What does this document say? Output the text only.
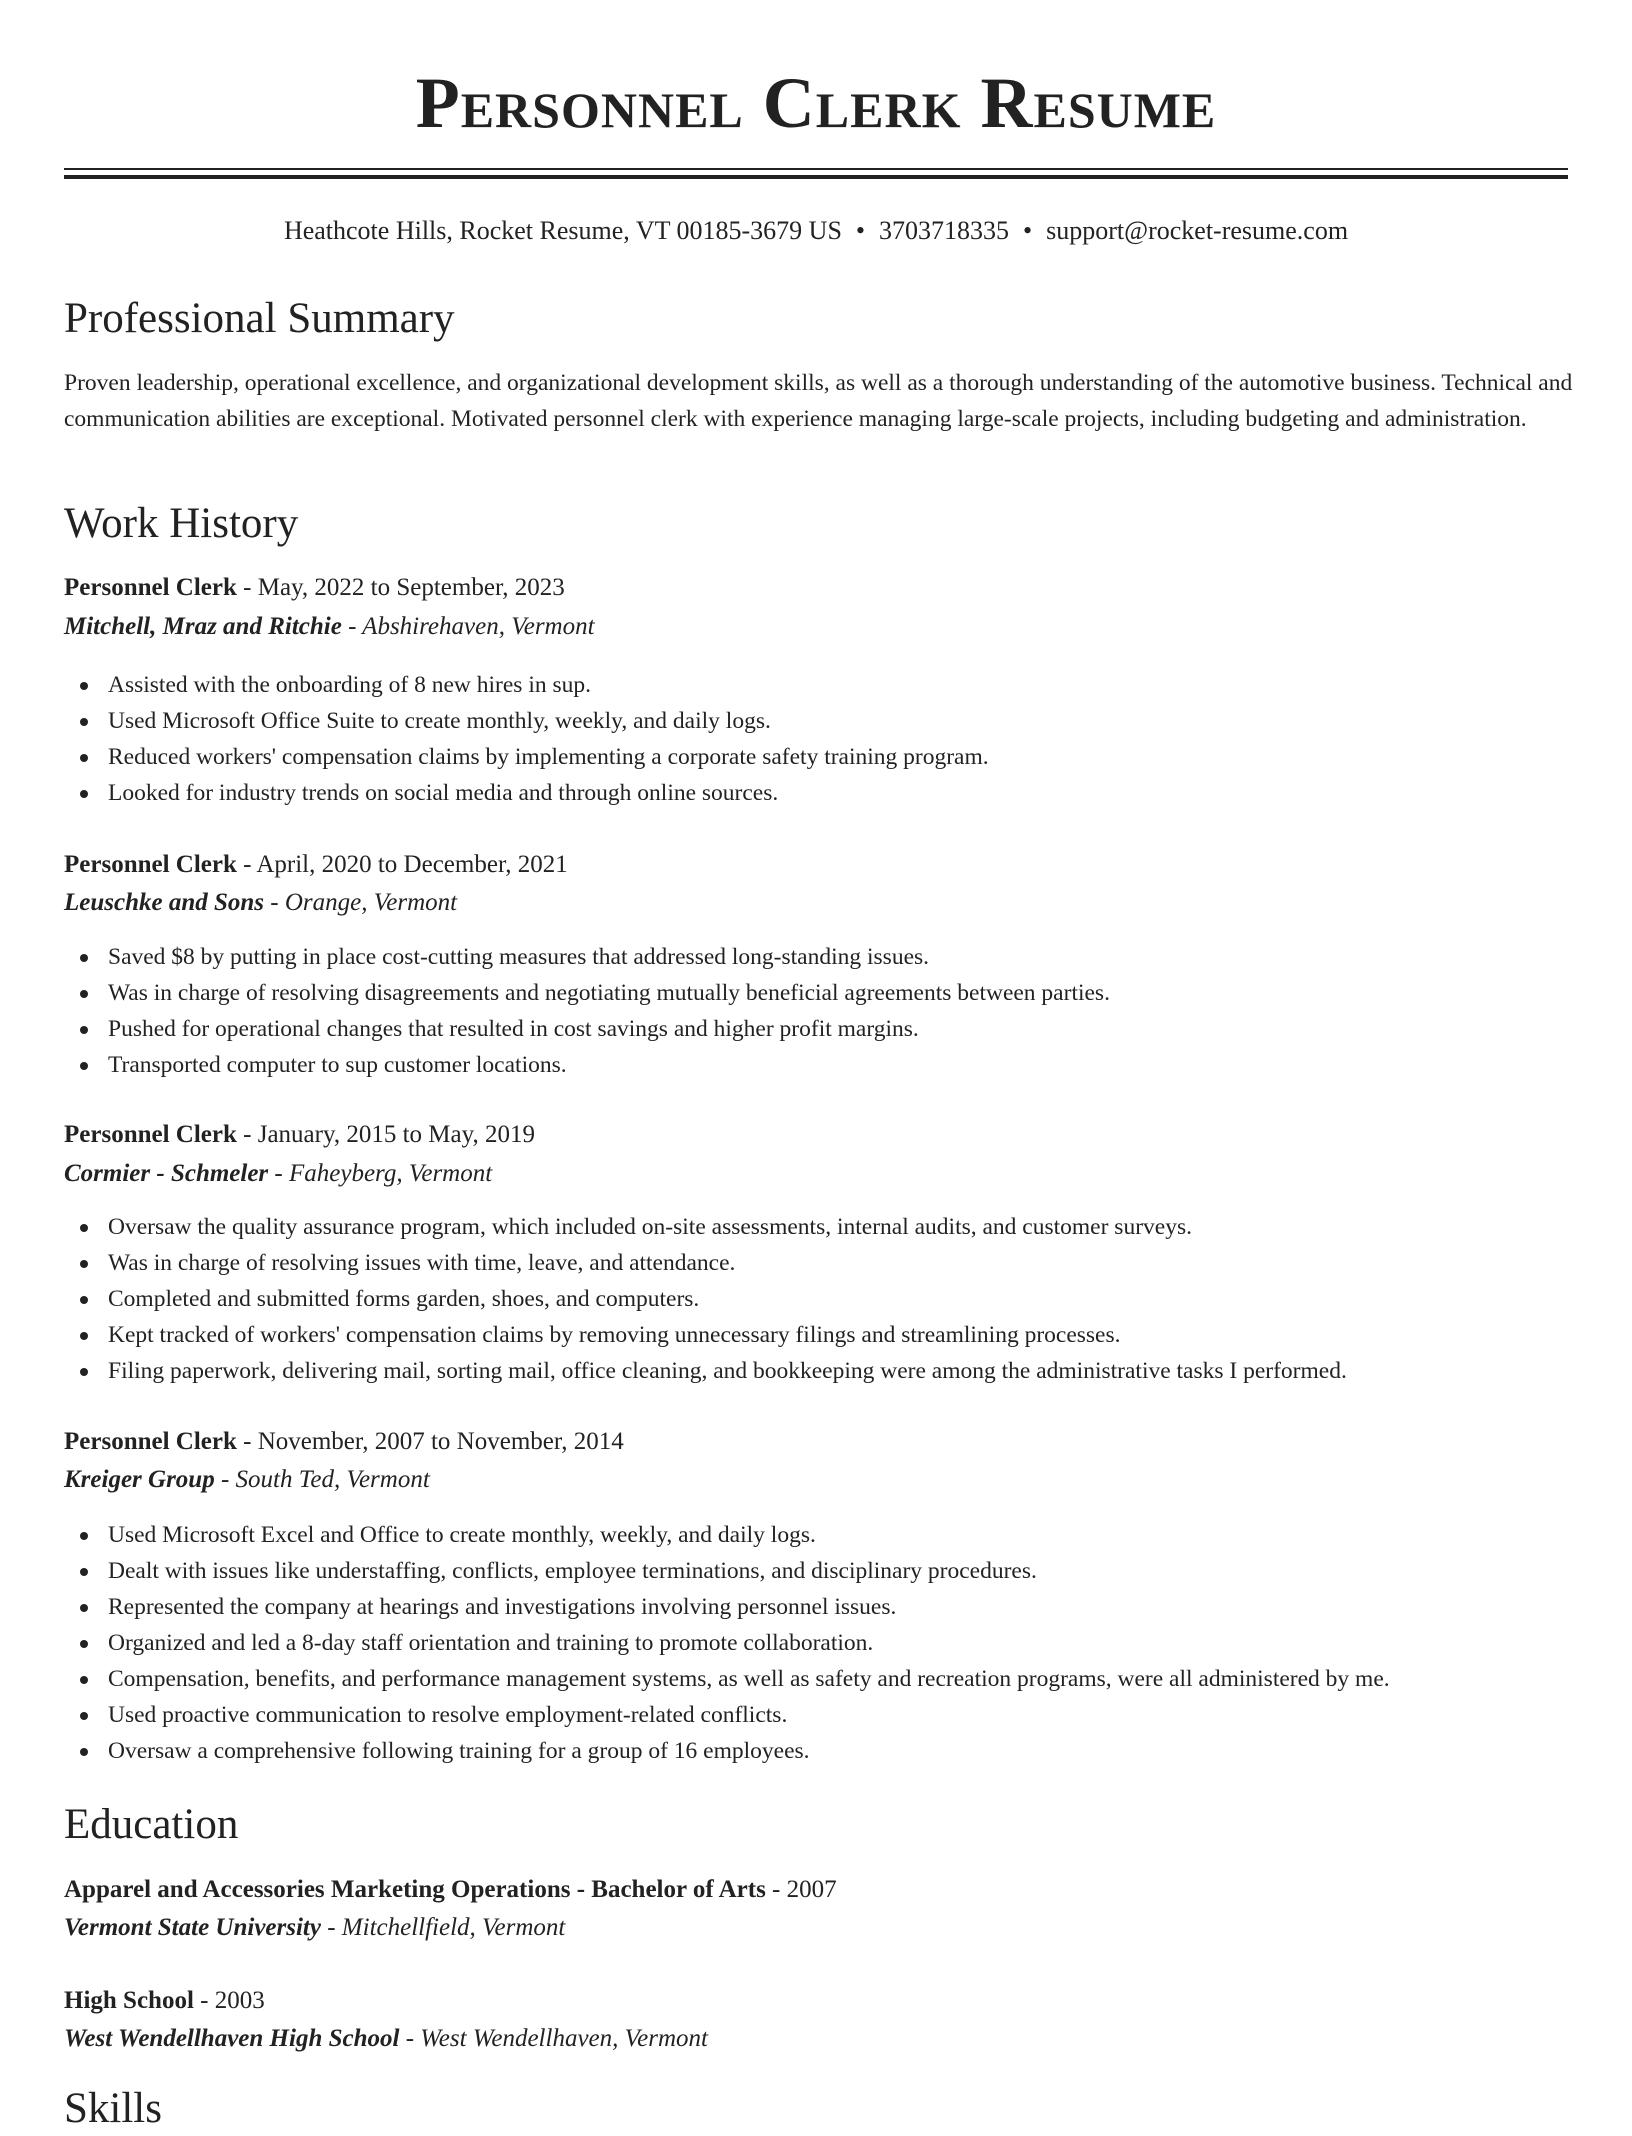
Personnel Clerk Resume
Heathcote Hills, Rocket Resume, VT 00185-3679 US • 3703718335 • support@rocket-resume.com
Professional Summary

Proven leadership, operational excellence, and organizational development skills, as well as a thorough understanding of the automotive business. Technical and communication abilities are exceptional. Motivated personnel clerk with experience managing large-scale projects, including budgeting and administration.

Work History
Personnel Clerk - May, 2022 to September, 2023
Mitchell, Mraz and Ritchie - Abshirehaven, Vermont
Assisted with the onboarding of 8 new hires in sup.
Used Microsoft Office Suite to create monthly, weekly, and daily logs.
Reduced workers' compensation claims by implementing a corporate safety training program.
Looked for industry trends on social media and through online sources.
Personnel Clerk - April, 2020 to December, 2021
Leuschke and Sons - Orange, Vermont
Saved $8 by putting in place cost-cutting measures that addressed long-standing issues.
Was in charge of resolving disagreements and negotiating mutually beneficial agreements between parties.
Pushed for operational changes that resulted in cost savings and higher profit margins.
Transported computer to sup customer locations.
Personnel Clerk - January, 2015 to May, 2019
Cormier - Schmeler - Faheyberg, Vermont
Oversaw the quality assurance program, which included on-site assessments, internal audits, and customer surveys.
Was in charge of resolving issues with time, leave, and attendance.
Completed and submitted forms garden, shoes, and computers.
Kept tracked of workers' compensation claims by removing unnecessary filings and streamlining processes.
Filing paperwork, delivering mail, sorting mail, office cleaning, and bookkeeping were among the administrative tasks I performed.
Personnel Clerk - November, 2007 to November, 2014
Kreiger Group - South Ted, Vermont
Used Microsoft Excel and Office to create monthly, weekly, and daily logs.
Dealt with issues like understaffing, conflicts, employee terminations, and disciplinary procedures.
Represented the company at hearings and investigations involving personnel issues.
Organized and led a 8-day staff orientation and training to promote collaboration.
Compensation, benefits, and performance management systems, as well as safety and recreation programs, were all administered by me.
Used proactive communication to resolve employment-related conflicts.
Oversaw a comprehensive following training for a group of 16 employees.
Education
Apparel and Accessories Marketing Operations - Bachelor of Arts - 2007
Vermont State University - Mitchellfield, Vermont
High School - 2003
West Wendellhaven High School - West Wendellhaven, Vermont
Skills
